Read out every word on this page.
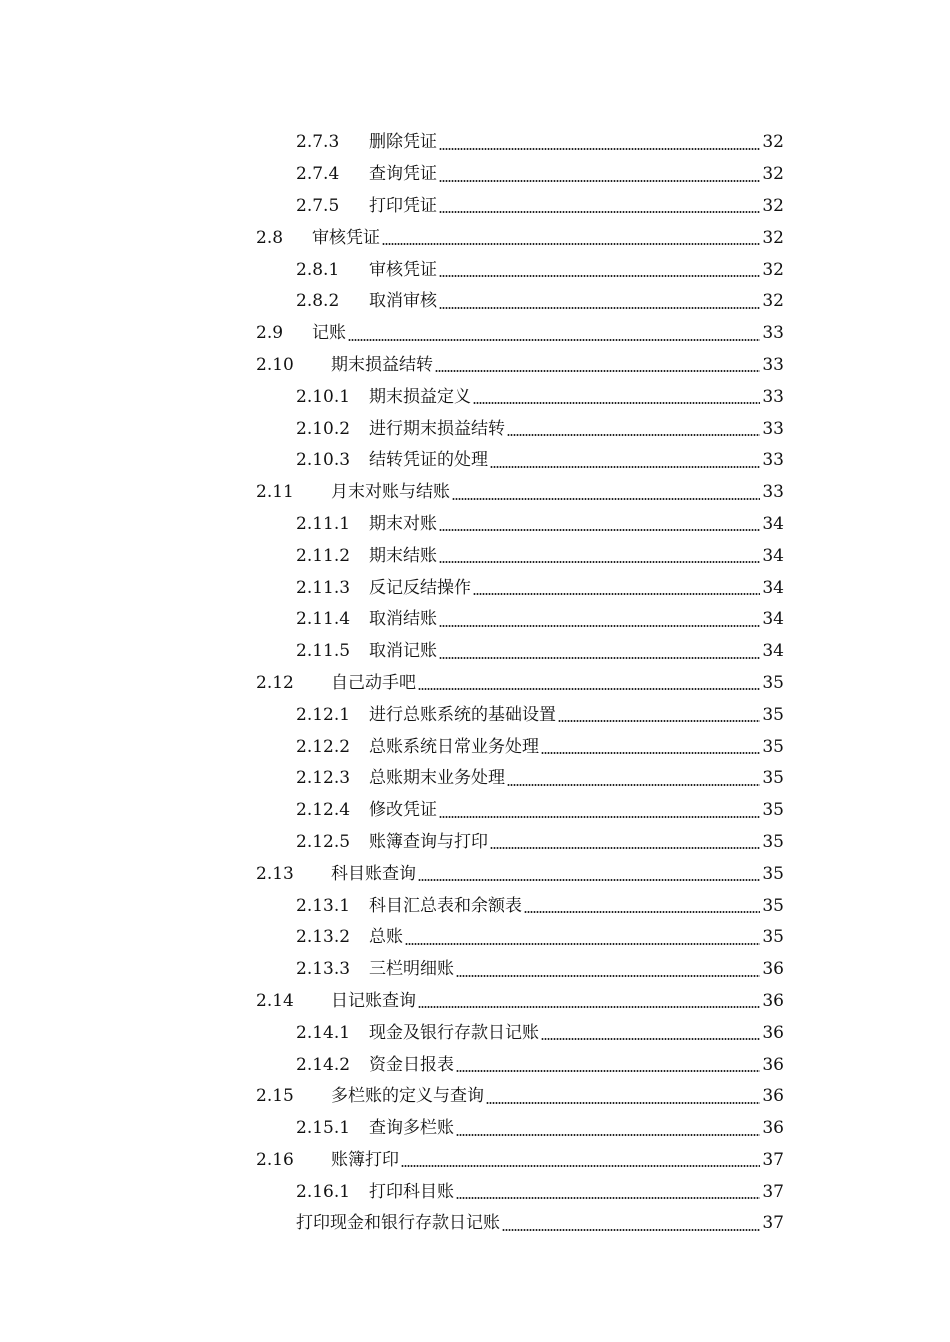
2.7.3	删除凭证	32
2.7.4	查询凭证	32
2.7.5	打印凭证	32
2.8	审核凭证	32
2.8.1	审核凭证	32
2.8.2	取消审核	32
2.9	记账	33
2.10	期末损益结转	33
2.10.1	期末损益定义	33
2.10.2	进行期末损益结转	33
2.10.3	结转凭证的处理	33
2.11	月末对账与结账	33
2.11.1	期末对账	34
2.11.2	期末结账	34
2.11.3	反记反结操作	34
2.11.4	取消结账	34
2.11.5	取消记账	34
2.12	自己动手吧	35
2.12.1	进行总账系统的基础设置	35
2.12.2	总账系统日常业务处理	35
2.12.3	总账期末业务处理	35
2.12.4	修改凭证	35
2.12.5	账簿查询与打印	35
2.13	科目账查询	35
2.13.1	科目汇总表和余额表	35
2.13.2	总账	35
2.13.3	三栏明细账	36
2.14	日记账查询	36
2.14.1	现金及银行存款日记账	36
2.14.2	资金日报表	36
2.15	多栏账的定义与查询	36
2.15.1	查询多栏账	36
2.16	账簿打印	37
2.16.1	打印科目账	37
打印现金和银行存款日记账	37
